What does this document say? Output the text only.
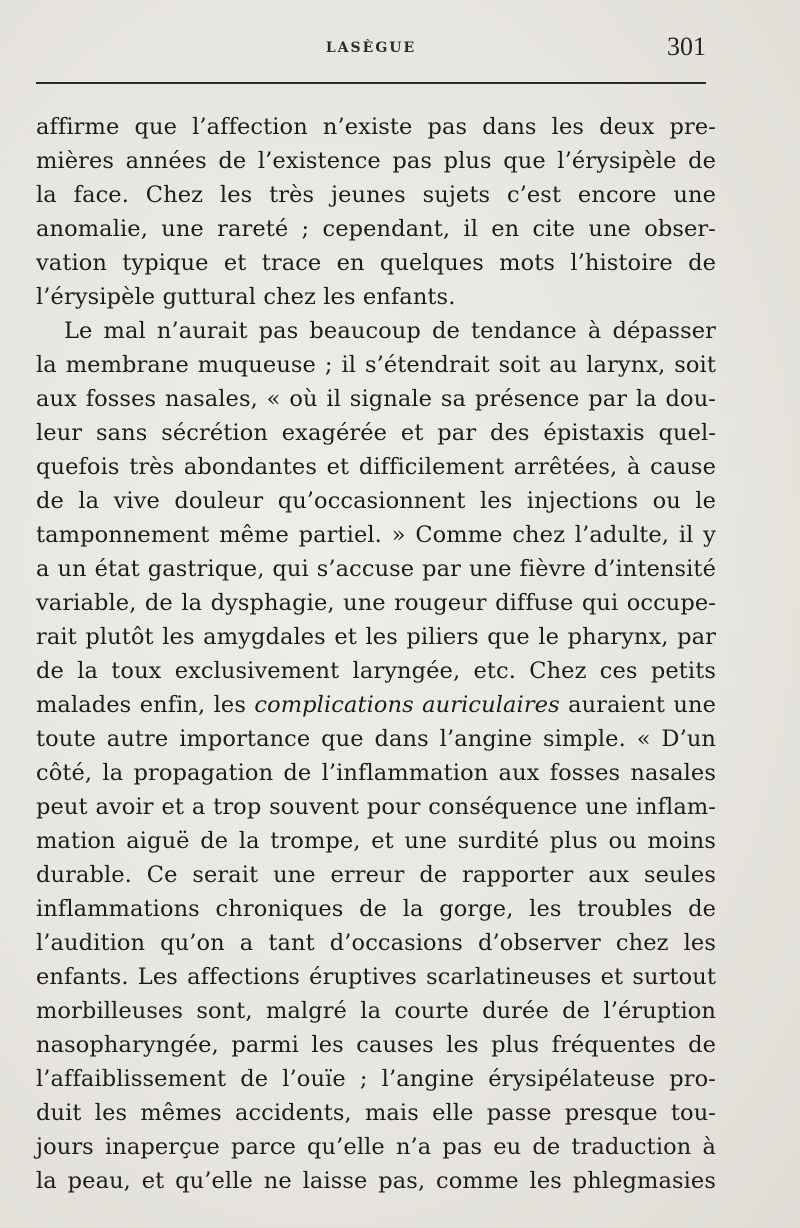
LASÈGUE	301
affirme que l’affection n’existe pas dans les deux pre-
mières années de l’existence pas plus que l’érysipèle de
la face. Chez les très jeunes sujets c’est encore une
anomalie, une rareté ; cependant, il en cite une obser-
vation typique et trace en quelques mots l’histoire de
l’érysipèle guttural chez les enfants.
Le mal n’aurait pas beaucoup de tendance à dépasser
la membrane muqueuse ; il s’étendrait soit au larynx, soit
aux fosses nasales, « où il signale sa présence par la dou-
leur sans sécrétion exagérée et par des épistaxis quel-
quefois très abondantes et difficilement arrêtées, à cause
de la vive douleur qu’occasionnent les injections ou le
tamponnement même partiel. » Comme chez l’adulte, il y
a un état gastrique, qui s’accuse par une fièvre d’intensité
variable, de la dysphagie, une rougeur diffuse qui occupe-
rait plutôt les amygdales et les piliers que le pharynx, par
de la toux exclusivement laryngée, etc. Chez ces petits
malades enfin, les complications auriculaires auraient une
toute autre importance que dans l’angine simple. « D’un
côté, la propagation de l’inflammation aux fosses nasales
peut avoir et a trop souvent pour conséquence une inflam-
mation aiguë de la trompe, et une surdité plus ou moins
durable. Ce serait une erreur de rapporter aux seules
inflammations chroniques de la gorge, les troubles de
l’audition qu’on a tant d’occasions d’observer chez les
enfants. Les affections éruptives scarlatineuses et surtout
morbilleuses sont, malgré la courte durée de l’éruption
nasopharyngée, parmi les causes les plus fréquentes de
l’affaiblissement de l’ouïe ; l’angine érysipélateuse pro-
duit les mêmes accidents, mais elle passe presque tou-
jours inaperçue parce qu’elle n’a pas eu de traduction à
la peau, et qu’elle ne laisse pas, comme les phlegmasies
